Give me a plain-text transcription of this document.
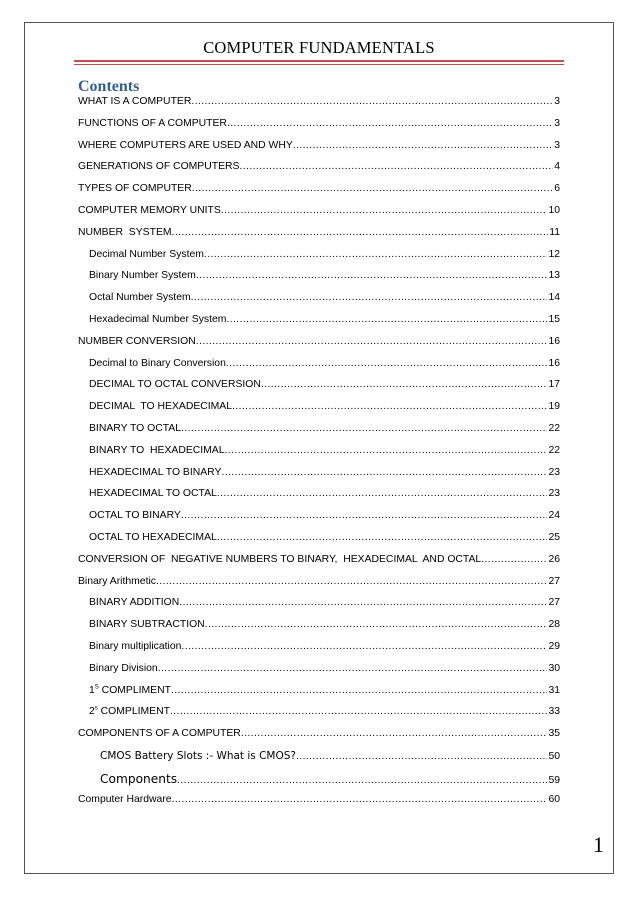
COMPUTER FUNDAMENTALS
Contents
WHAT IS A COMPUTER .....	3
FUNCTIONS OF A COMPUTER .....	3
WHERE COMPUTERS ARE USED AND WHY .....	3
GENERATIONS OF COMPUTERS .....	4
TYPES OF COMPUTER .....	6
COMPUTER MEMORY UNITS .....	10
NUMBER  SYSTEM .....	11
Decimal Number System .....	12
Binary Number System .....	13
Octal Number System .....	14
Hexadecimal Number System .....	15
NUMBER CONVERSION .....	16
Decimal to Binary Conversion .....	16
DECIMAL TO OCTAL CONVERSION .....	17
DECIMAL  TO HEXADECIMAL .....	19
BINARY TO OCTAL .....	22
BINARY TO  HEXADECIMAL .....	22
HEXADECIMAL TO BINARY .....	23
HEXADECIMAL TO OCTAL .....	23
OCTAL TO BINARY .....	24
OCTAL TO HEXADECIMAL .....	25
CONVERSION OF  NEGATIVE NUMBERS TO BINARY,  HEXADECIMAL  AND OCTAL .....	26
Binary Arithmetic .....	27
BINARY ADDITION .....	27
BINARY SUBTRACTION .....	28
Binary multiplication .....	29
Binary Division .....	30
$1^S$ COMPLIMENT .....	31
2$^s$ COMPLIMENT .....	33
COMPONENTS OF A COMPUTER .....	35
CMOS Battery Slots :- What is CMOS? .....	50
Components .....	59
Computer Hardware .....	60
1
